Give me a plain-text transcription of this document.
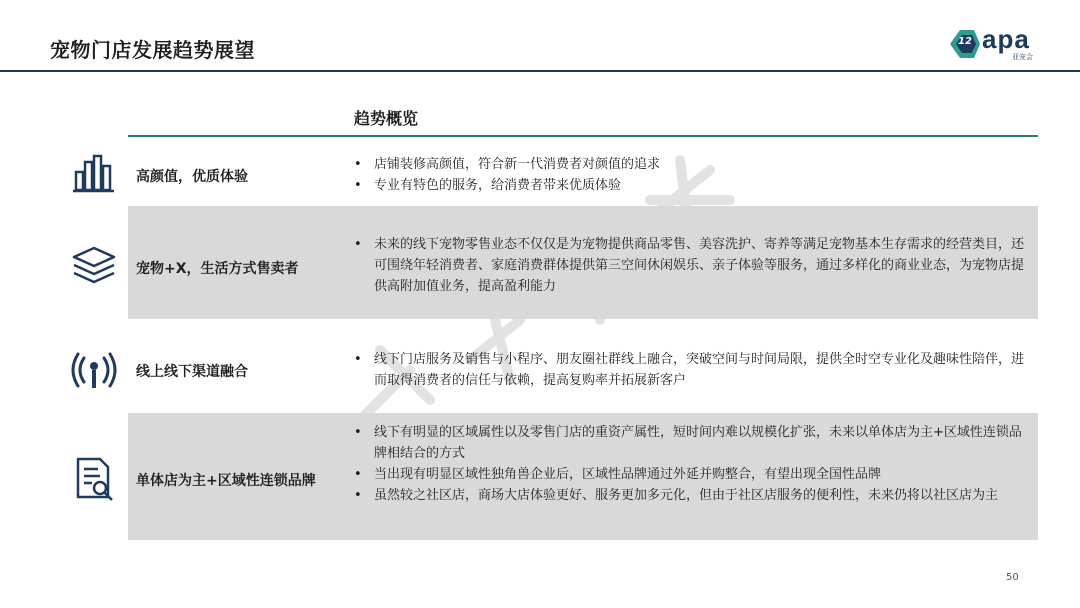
宠物门店发展趋势展望	12 apa
亚宠会
趋势概览
高颜值，优质体验
• 店铺装修高颜值，符合新一代消费者对颜值的追求
• 专业有特色的服务，给消费者带来优质体验
宠物+X，生活方式售卖者
• 未来的线下宠物零售业态不仅仅是为宠物提供商品零售、美容洗护、寄养等满足宠物基本生存需求的经营类目，还可围绕年轻消费者、家庭消费群体提供第三空间休闲娱乐、亲子体验等服务，通过多样化的商业业态，为宠物店提供高附加值业务，提高盈利能力
线上线下渠道融合
• 线下门店服务及销售与小程序、朋友圈社群线上融合，突破空间与时间局限，提供全时空专业化及趣味性陪伴，进而取得消费者的信任与依赖，提高复购率并拓展新客户
单体店为主+区域性连锁品牌
• 线下有明显的区域属性以及零售门店的重资产属性，短时间内难以规模化扩张，未来以单体店为主+区域性连锁品牌相结合的方式
• 当出现有明显区域性独角兽企业后，区域性品牌通过外延并购整合，有望出现全国性品牌
• 虽然较之社区店，商场大店体验更好、服务更加多元化，但由于社区店服务的便利性，未来仍将以社区店为主
50
